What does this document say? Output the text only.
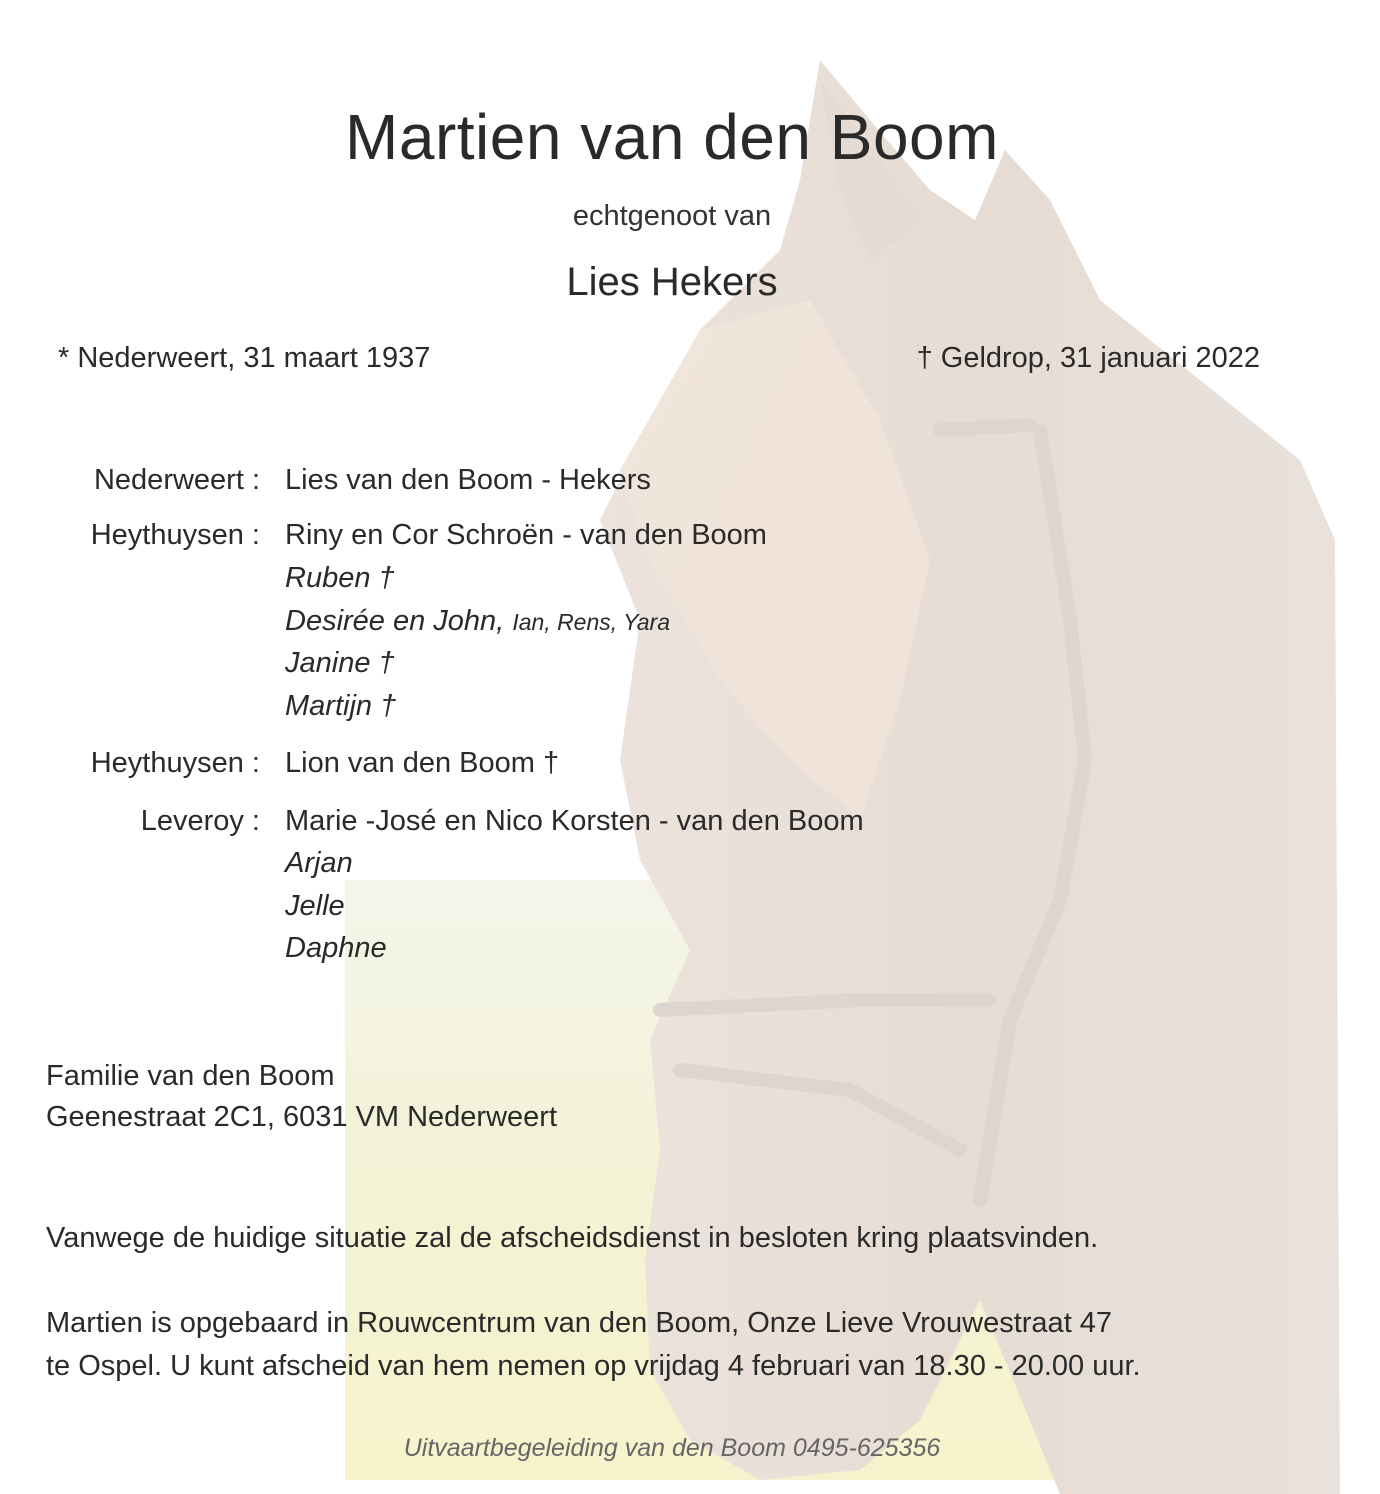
Martien van den Boom
echtgenoot van
Lies Hekers
* Nederweert, 31 maart 1937	† Geldrop, 31 januari 2022
Nederweert : Lies van den Boom - Hekers
Heythuysen : Riny en Cor Schroën - van den Boom
Ruben †
Desirée en John, Ian, Rens, Yara
Janine †
Martijn †
Heythuysen : Lion van den Boom †
Leveroy : Marie -José en Nico Korsten - van den Boom
Arjan
Jelle
Daphne
Familie van den Boom
Geenestraat 2C1, 6031 VM Nederweert
Vanwege de huidige situatie zal de afscheidsdienst in besloten kring plaatsvinden.
Martien is opgebaard in Rouwcentrum van den Boom, Onze Lieve Vrouwestraat 47
te Ospel. U kunt afscheid van hem nemen op vrijdag 4 februari van 18.30 - 20.00 uur.
Uitvaartbegeleiding van den Boom 0495-625356
